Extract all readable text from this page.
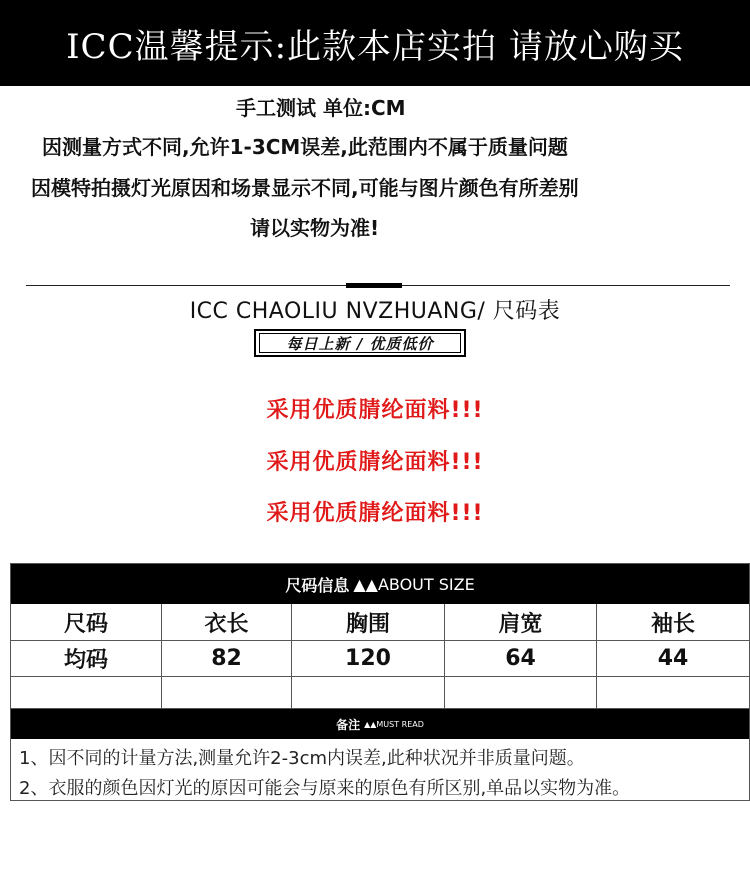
ICC温馨提示:此款本店实拍 请放心购买
手工测试 单位:CM
因测量方式不同,允许1-3CM误差,此范围内不属于质量问题
因模特拍摄灯光原因和场景显示不同,可能与图片颜色有所差别
请以实物为准!
ICC CHAOLIU NVZHUANG/ 尺码表
每日上新 / 优质低价
采用优质腈纶面料!!!
采用优质腈纶面料!!!
采用优质腈纶面料!!!
尺码信息 ▲▲ABOUT SIZE
尺码	衣长	胸围	肩宽	袖长
均码	82	120	64	44
备注 ▲▲MUST READ
1、因不同的计量方法,测量允许2-3cm内误差,此种状况并非质量问题。
2、衣服的颜色因灯光的原因可能会与原来的原色有所区别,单品以实物为准。
